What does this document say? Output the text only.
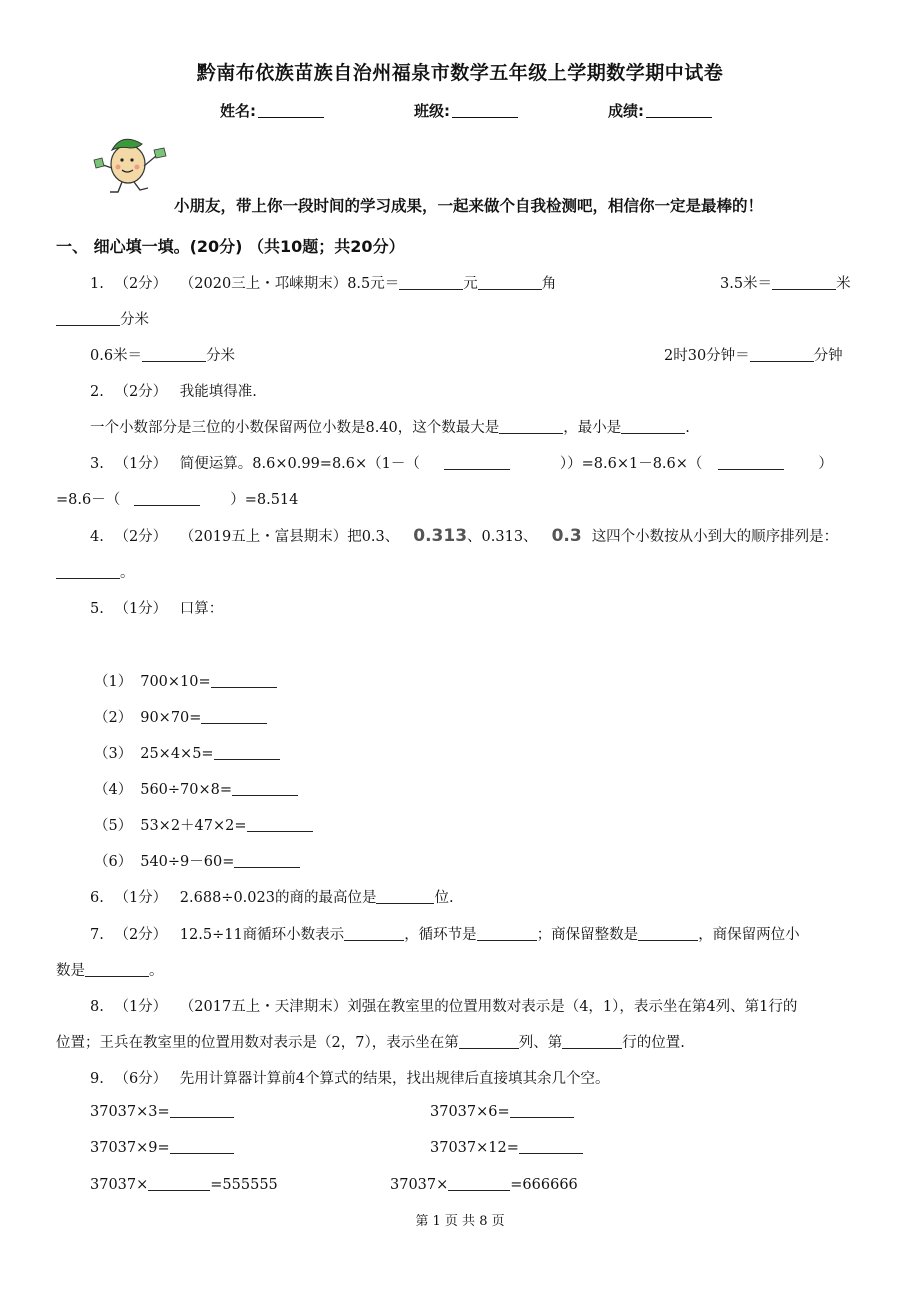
黔南布依族苗族自治州福泉市数学五年级上学期数学期中试卷
姓名:	班级:	成绩:
小朋友，带上你一段时间的学习成果，一起来做个自我检测吧，相信你一定是最棒的！
一、 细心填一填。(20分) （共10题；共20分）
1. （2分） （2020三上・邛崃期末）8.5元＝	元	角	3.5米＝	米
分米
0.6米＝	分米	2时30分钟＝	分钟
2. （2分） 我能填得准.
一个小数部分是三位的小数保留两位小数是8.40，这个数最大是	，最小是	.
3. （1分） 简便运算。8.6×0.99=8.6×（1－（	））=8.6×1－8.6×（	）
=8.6－（	）=8.514
4. （2分） （2019五上・富县期末）把0.3、 0.313、0.313、 0.3 这四个小数按从小到大的顺序排列是：
。
5. （1分） 口算：
（1） 700×10=
（2） 90×70=
（3） 25×4×5=
（4） 560÷70×8=
（5） 53×2＋47×2=
（6） 540÷9－60=
6. （1分） 2.688÷0.023的商的最高位是	位.
7. （2分） 12.5÷11商循环小数表示	，循环节是	；商保留整数是	，商保留两位小
数是	。
8. （1分） （2017五上・天津期末）刘强在教室里的位置用数对表示是（4，1），表示坐在第4列、第1行的
位置；王兵在教室里的位置用数对表示是（2，7），表示坐在第	列、第	行的位置.
9. （6分） 先用计算器计算前4个算式的结果，找出规律后直接填其余几个空。
37037×3=	37037×6=
37037×9=	37037×12=
37037×	=555555	37037×	=666666
第 1 页 共 8 页
